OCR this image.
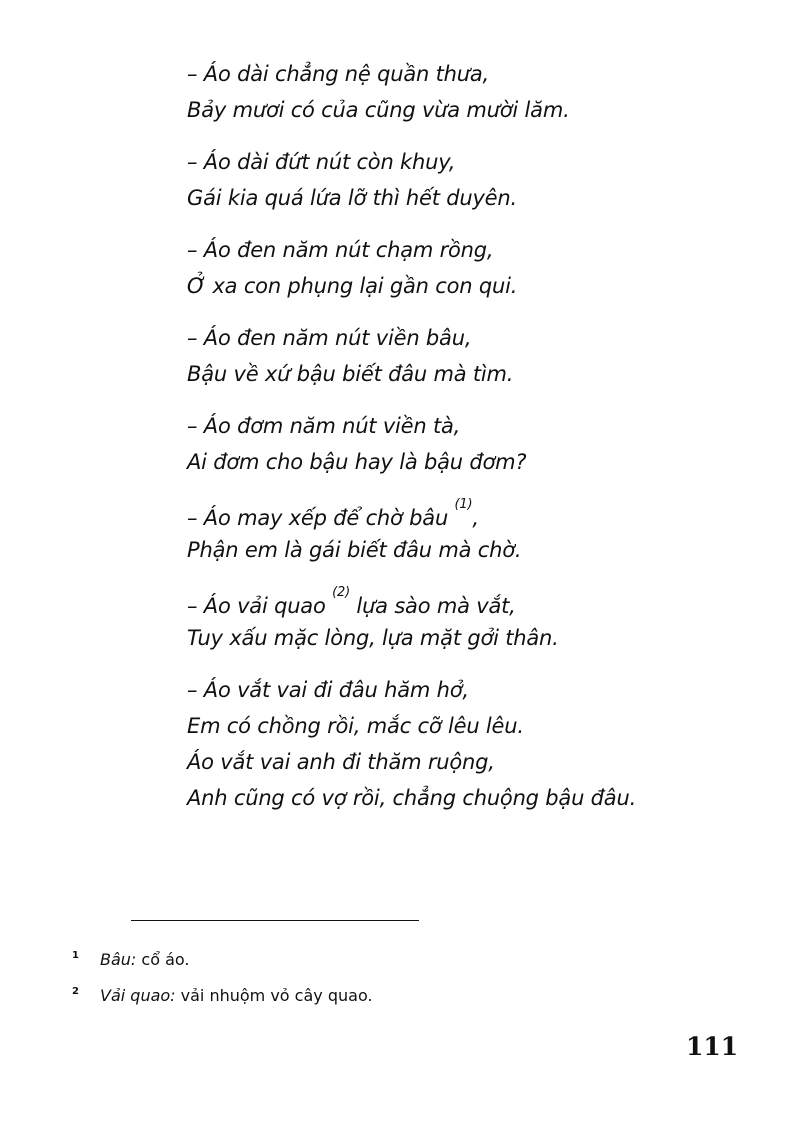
– Áo dài chẳng nệ quần thưa,
Bảy mươi có của cũng vừa mười lăm.
– Áo dài đứt nút còn khuy,
Gái kia quá lứa lỡ thì hết duyên.
– Áo đen năm nút chạm rồng,
Ở xa con phụng lại gần con qui.
– Áo đen năm nút viền bâu,
Bậu về xứ bậu biết đâu mà tìm.
– Áo đơm năm nút viền tà,
Ai đơm cho bậu hay là bậu đơm?
– Áo may xếp để chờ bâu $^{(1)}$,
Phận em là gái biết đâu mà chờ.
– Áo vải quao $^{(2)}$ lựa sào mà vắt,
Tuy xấu mặc lòng, lựa mặt gởi thân.
– Áo vắt vai đi đâu hăm hở,
Em có chồng rồi, mắc cỡ lêu lêu.
Áo vắt vai anh đi thăm ruộng,
Anh cũng có vợ rồi, chẳng chuộng bậu đâu.
1 Bâu: cổ áo.
2 Vải quao: vải nhuộm vỏ cây quao.
111
